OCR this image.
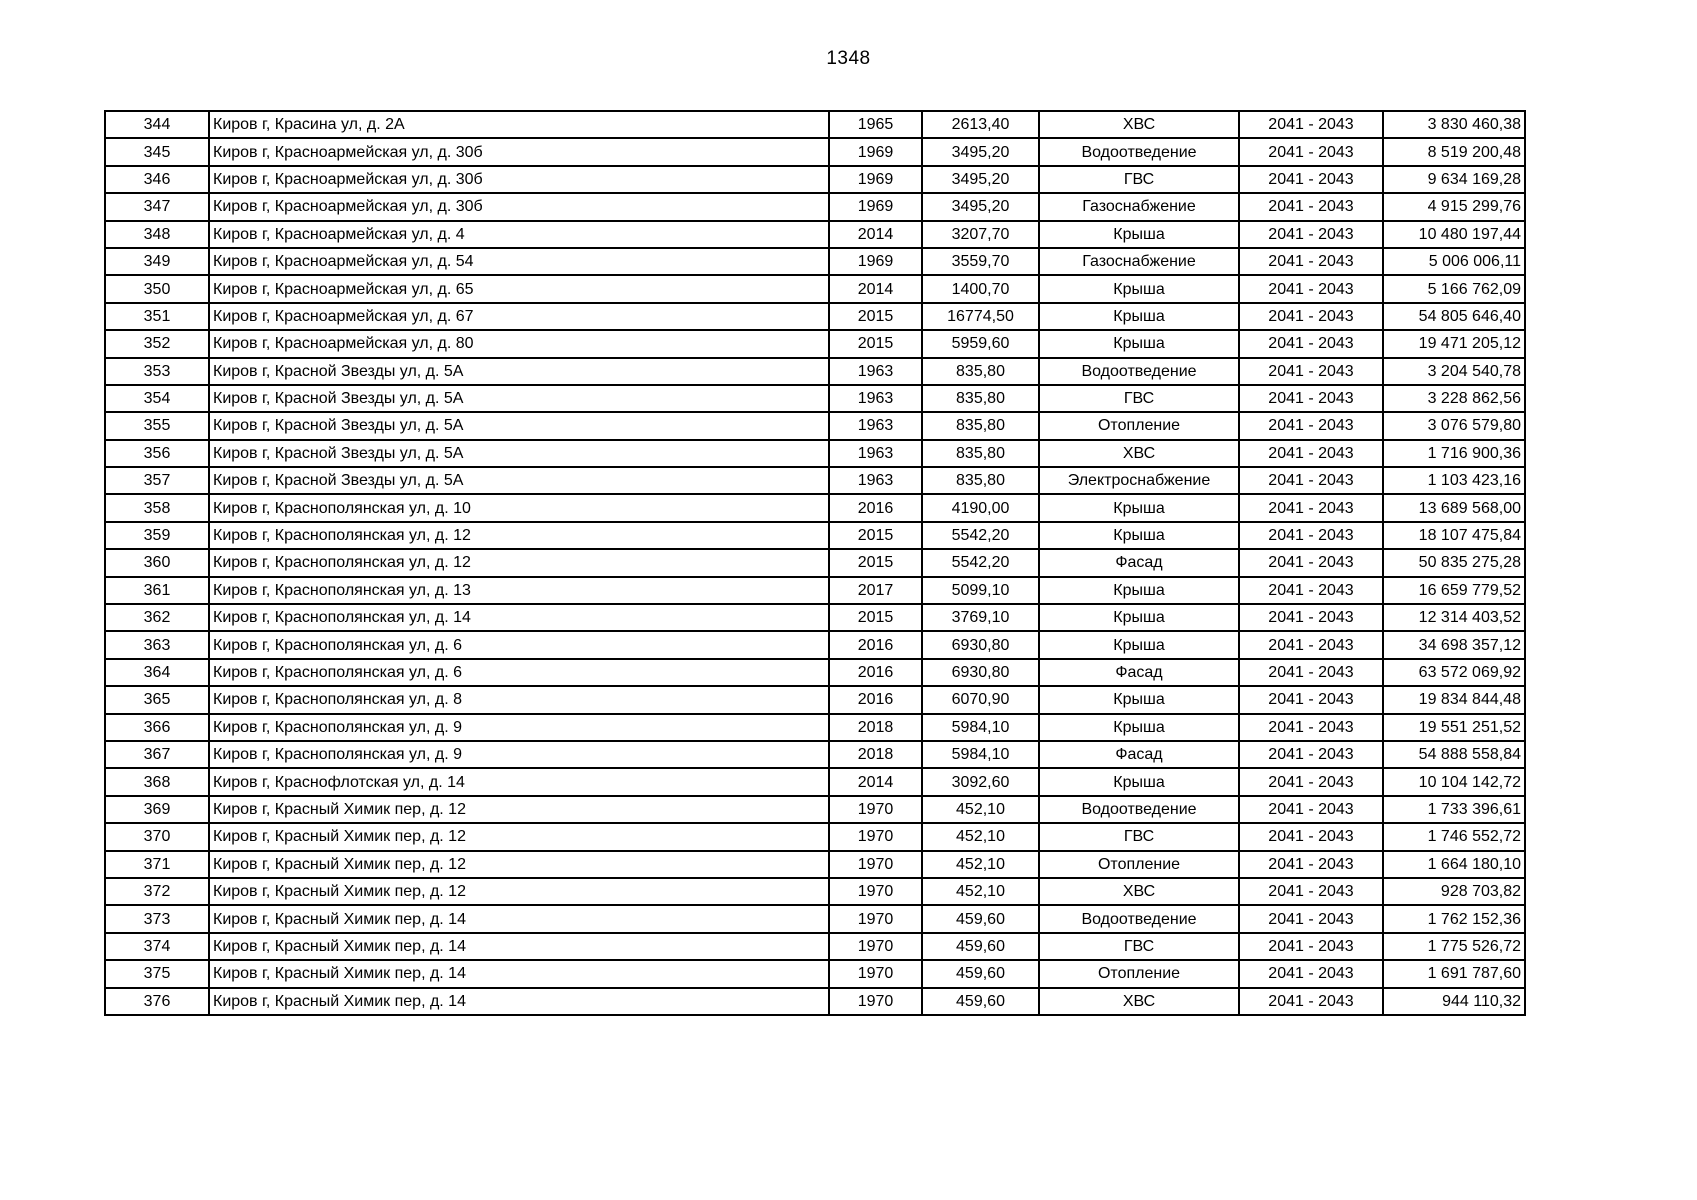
1348
344	Киров г, Красина ул, д. 2А	1965	2613,40	ХВС	2041 - 2043	3 830 460,38
345	Киров г, Красноармейская ул, д. 30б	1969	3495,20	Водоотведение	2041 - 2043	8 519 200,48
346	Киров г, Красноармейская ул, д. 30б	1969	3495,20	ГВС	2041 - 2043	9 634 169,28
347	Киров г, Красноармейская ул, д. 30б	1969	3495,20	Газоснабжение	2041 - 2043	4 915 299,76
348	Киров г, Красноармейская ул, д. 4	2014	3207,70	Крыша	2041 - 2043	10 480 197,44
349	Киров г, Красноармейская ул, д. 54	1969	3559,70	Газоснабжение	2041 - 2043	5 006 006,11
350	Киров г, Красноармейская ул, д. 65	2014	1400,70	Крыша	2041 - 2043	5 166 762,09
351	Киров г, Красноармейская ул, д. 67	2015	16774,50	Крыша	2041 - 2043	54 805 646,40
352	Киров г, Красноармейская ул, д. 80	2015	5959,60	Крыша	2041 - 2043	19 471 205,12
353	Киров г, Красной Звезды ул, д. 5А	1963	835,80	Водоотведение	2041 - 2043	3 204 540,78
354	Киров г, Красной Звезды ул, д. 5А	1963	835,80	ГВС	2041 - 2043	3 228 862,56
355	Киров г, Красной Звезды ул, д. 5А	1963	835,80	Отопление	2041 - 2043	3 076 579,80
356	Киров г, Красной Звезды ул, д. 5А	1963	835,80	ХВС	2041 - 2043	1 716 900,36
357	Киров г, Красной Звезды ул, д. 5А	1963	835,80	Электроснабжение	2041 - 2043	1 103 423,16
358	Киров г, Краснополянская ул, д. 10	2016	4190,00	Крыша	2041 - 2043	13 689 568,00
359	Киров г, Краснополянская ул, д. 12	2015	5542,20	Крыша	2041 - 2043	18 107 475,84
360	Киров г, Краснополянская ул, д. 12	2015	5542,20	Фасад	2041 - 2043	50 835 275,28
361	Киров г, Краснополянская ул, д. 13	2017	5099,10	Крыша	2041 - 2043	16 659 779,52
362	Киров г, Краснополянская ул, д. 14	2015	3769,10	Крыша	2041 - 2043	12 314 403,52
363	Киров г, Краснополянская ул, д. 6	2016	6930,80	Крыша	2041 - 2043	34 698 357,12
364	Киров г, Краснополянская ул, д. 6	2016	6930,80	Фасад	2041 - 2043	63 572 069,92
365	Киров г, Краснополянская ул, д. 8	2016	6070,90	Крыша	2041 - 2043	19 834 844,48
366	Киров г, Краснополянская ул, д. 9	2018	5984,10	Крыша	2041 - 2043	19 551 251,52
367	Киров г, Краснополянская ул, д. 9	2018	5984,10	Фасад	2041 - 2043	54 888 558,84
368	Киров г, Краснофлотская ул, д. 14	2014	3092,60	Крыша	2041 - 2043	10 104 142,72
369	Киров г, Красный Химик пер, д. 12	1970	452,10	Водоотведение	2041 - 2043	1 733 396,61
370	Киров г, Красный Химик пер, д. 12	1970	452,10	ГВС	2041 - 2043	1 746 552,72
371	Киров г, Красный Химик пер, д. 12	1970	452,10	Отопление	2041 - 2043	1 664 180,10
372	Киров г, Красный Химик пер, д. 12	1970	452,10	ХВС	2041 - 2043	928 703,82
373	Киров г, Красный Химик пер, д. 14	1970	459,60	Водоотведение	2041 - 2043	1 762 152,36
374	Киров г, Красный Химик пер, д. 14	1970	459,60	ГВС	2041 - 2043	1 775 526,72
375	Киров г, Красный Химик пер, д. 14	1970	459,60	Отопление	2041 - 2043	1 691 787,60
376	Киров г, Красный Химик пер, д. 14	1970	459,60	ХВС	2041 - 2043	944 110,32
